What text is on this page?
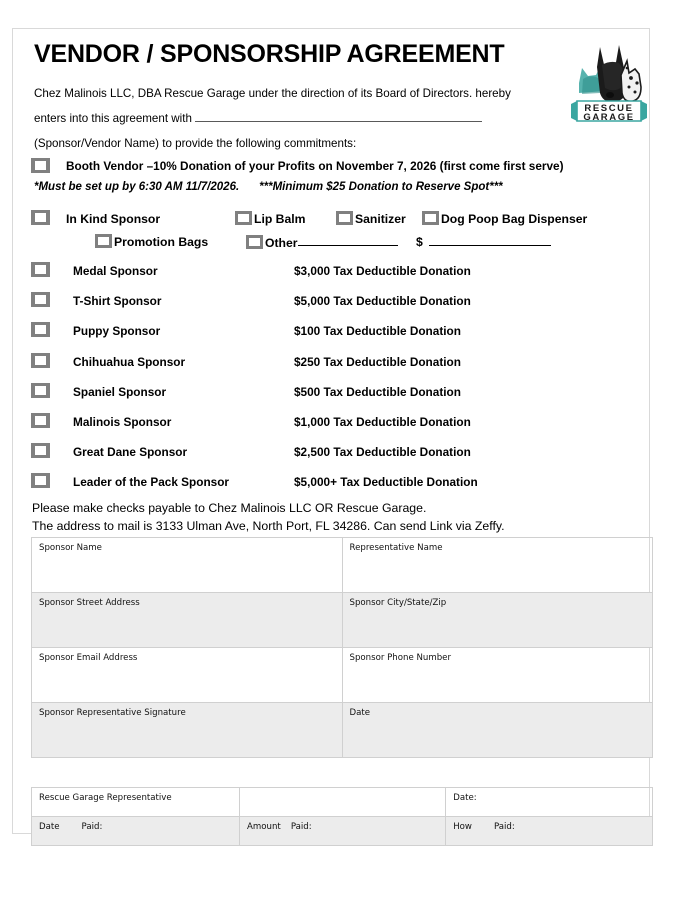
VENDOR / SPONSORSHIP AGREEMENT
RESCUE
GARAGE
Chez Malinois LLC, DBA Rescue Garage under the direction of its Board of Directors. hereby
enters into this agreement with
(Sponsor/Vendor Name) to provide the following commitments:
Booth Vendor –10% Donation of your Profits on November 7, 2026 (first come first serve)
*Must be set up by 6:30 AM 11/7/2026. ***Minimum $25 Donation to Reserve Spot***
In Kind Sponsor	Lip Balm	Sanitizer	Dog Poop Bag Dispenser
Promotion Bags	Other	$
Medal Sponsor	$3,000 Tax Deductible Donation
T-Shirt Sponsor	$5,000 Tax Deductible Donation
Puppy Sponsor	$100 Tax Deductible Donation
Chihuahua Sponsor	$250 Tax Deductible Donation
Spaniel Sponsor	$500 Tax Deductible Donation
Malinois Sponsor	$1,000 Tax Deductible Donation
Great Dane Sponsor	$2,500 Tax Deductible Donation
Leader of the Pack Sponsor	$5,000+ Tax Deductible Donation
Please make checks payable to Chez Malinois LLC OR Rescue Garage.
The address to mail is 3133 Ulman Ave, North Port, FL 34286. Can send Link via Zeffy.
Sponsor Name	Representative Name
Sponsor Street Address	Sponsor City/State/Zip
Sponsor Email Address	Sponsor Phone Number
Sponsor Representative Signature	Date
Rescue Garage Representative		Date:
Date Paid:	Amount Paid:	How Paid:
